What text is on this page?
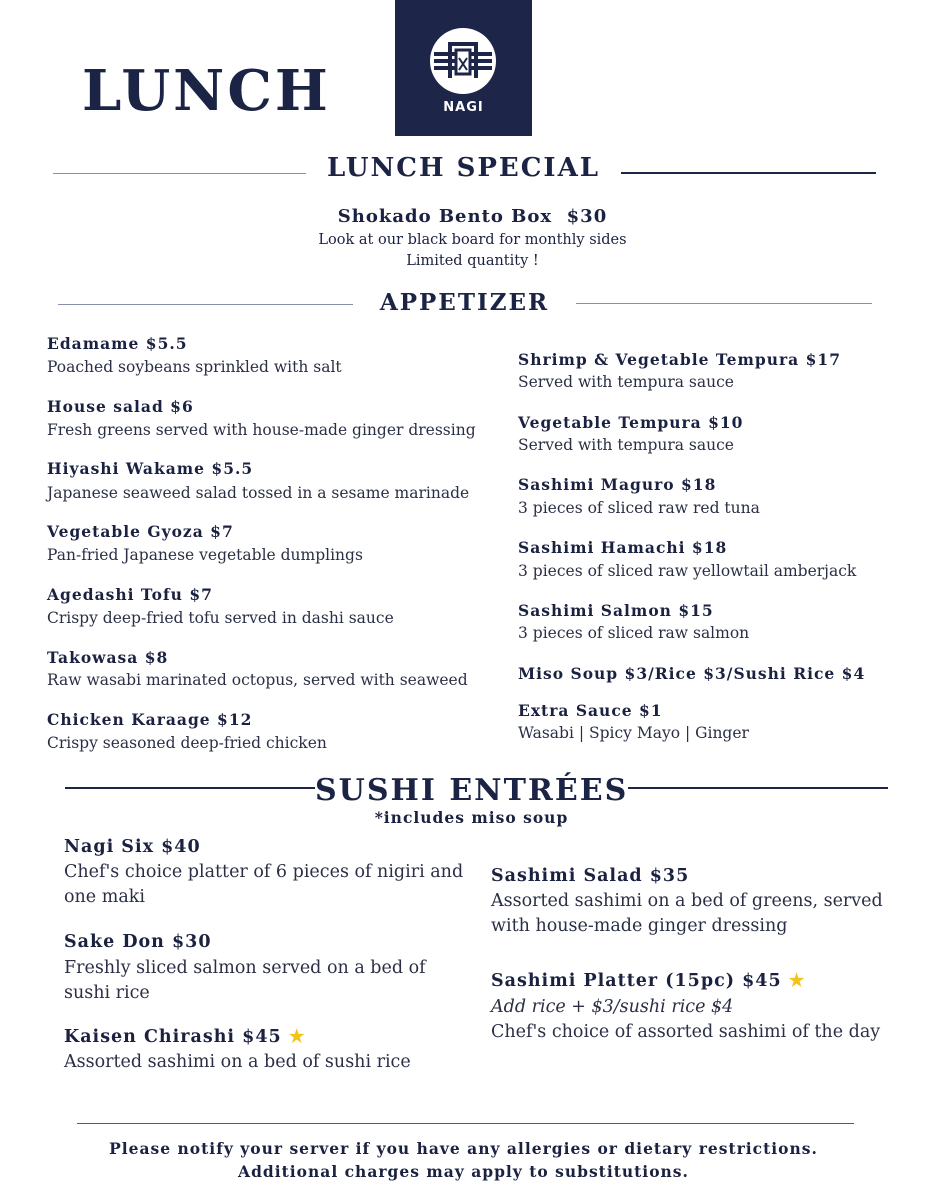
LUNCH	NAGI
LUNCH SPECIAL
Shokado Bento Box  $30
Look at our black board for monthly sides
Limited quantity !
APPETIZER
Edamame $5.5
Poached soybeans sprinkled with salt
House salad $6
Fresh greens served with house-made ginger dressing
Hiyashi Wakame $5.5
Japanese seaweed salad tossed in a sesame marinade
Vegetable Gyoza $7
Pan-fried Japanese vegetable dumplings
Agedashi Tofu $7
Crispy deep-fried tofu served in dashi sauce
Takowasa $8
Raw wasabi marinated octopus, served with seaweed
Chicken Karaage $12
Crispy seasoned deep-fried chicken
Shrimp & Vegetable Tempura $17
Served with tempura sauce
Vegetable Tempura $10
Served with tempura sauce
Sashimi Maguro $18
3 pieces of sliced raw red tuna
Sashimi Hamachi $18
3 pieces of sliced raw yellowtail amberjack
Sashimi Salmon $15
3 pieces of sliced raw salmon
Miso Soup $3/Rice $3/Sushi Rice $4
Extra Sauce $1
Wasabi | Spicy Mayo | Ginger
SUSHI ENTRÉES
*includes miso soup
Nagi Six $40
Chef's choice platter of 6 pieces of nigiri and one maki
Sake Don $30
Freshly sliced salmon served on a bed of sushi rice
Kaisen Chirashi $45 ★
Assorted sashimi on a bed of sushi rice
Sashimi Salad $35
Assorted sashimi on a bed of greens, served with house-made ginger dressing
Sashimi Platter (15pc) $45 ★
Add rice + $3/sushi rice $4
Chef's choice of assorted sashimi of the day
Please notify your server if you have any allergies or dietary restrictions.
Additional charges may apply to substitutions.
